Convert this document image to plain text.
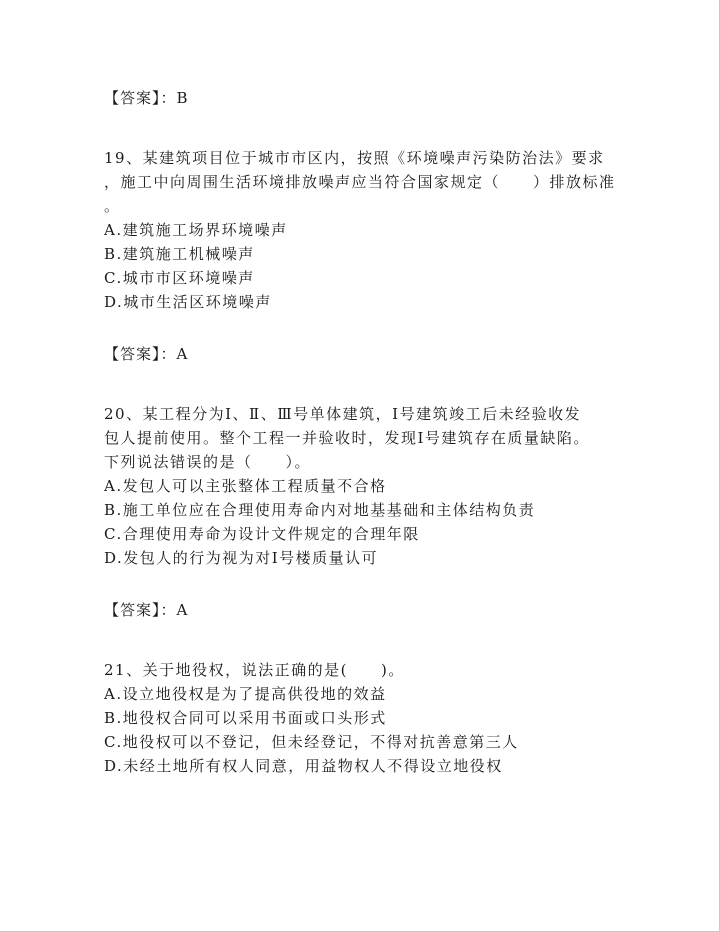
【答案】：B
19、某建筑项目位于城市市区内，按照《环境噪声污染防治法》要求
，施工中向周围生活环境排放噪声应当符合国家规定（　　）排放标准
。
A.建筑施工场界环境噪声
B.建筑施工机械噪声
C.城市市区环境噪声
D.城市生活区环境噪声
【答案】：A
20、某工程分为Ⅰ、Ⅱ、Ⅲ号单体建筑，Ⅰ号建筑竣工后未经验收发
包人提前使用。整个工程一并验收时，发现Ⅰ号建筑存在质量缺陷。
下列说法错误的是（　　）。
A.发包人可以主张整体工程质量不合格
B.施工单位应在合理使用寿命内对地基基础和主体结构负责
C.合理使用寿命为设计文件规定的合理年限
D.发包人的行为视为对Ⅰ号楼质量认可
【答案】：A
21、关于地役权，说法正确的是(　　)。
A.设立地役权是为了提高供役地的效益
B.地役权合同可以采用书面或口头形式
C.地役权可以不登记，但未经登记，不得对抗善意第三人
D.未经土地所有权人同意，用益物权人不得设立地役权
